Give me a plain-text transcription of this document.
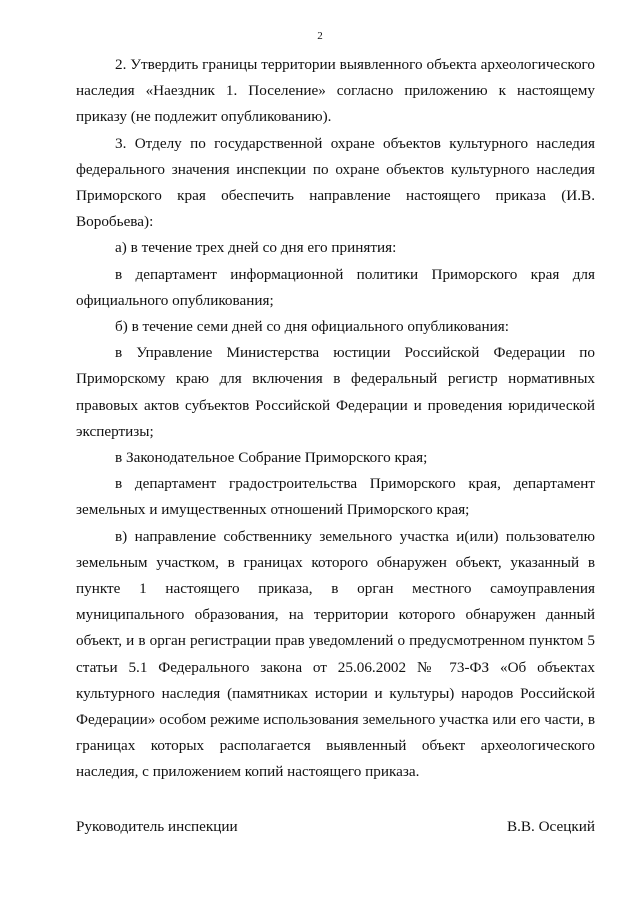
2

2. Утвердить границы территории выявленного объекта археологического наследия «Наездник 1. Поселение» согласно приложению к настоящему приказу (не подлежит опубликованию).

3. Отделу по государственной охране объектов культурного наследия федерального значения инспекции по охране объектов культурного наследия Приморского края обеспечить направление настоящего приказа (И.В. Воробьева):

а) в течение трех дней со дня его принятия:

в департамент информационной политики Приморского края для официального опубликования;

б) в течение семи дней со дня официального опубликования:

в Управление Министерства юстиции Российской Федерации по Приморскому краю для включения в федеральный регистр нормативных правовых актов субъектов Российской Федерации и проведения юридической экспертизы;

в Законодательное Собрание Приморского края;

в департамент градостроительства Приморского края, департамент земельных и имущественных отношений Приморского края;

в) направление собственнику земельного участка и(или) пользователю земельным участком, в границах которого обнаружен объект, указанный в пункте 1 настоящего приказа, в орган местного самоуправления муниципального образования, на территории которого обнаружен данный объект, и в орган регистрации прав уведомлений о предусмотренном пунктом 5 статьи 5.1 Федерального закона от 25.06.2002 № 73-ФЗ «Об объектах культурного наследия (памятниках истории и культуры) народов Российской Федерации» особом режиме использования земельного участка или его части, в границах которых располагается выявленный объект археологического наследия, с приложением копий настоящего приказа.

Руководитель инспекции	В.В. Осецкий
